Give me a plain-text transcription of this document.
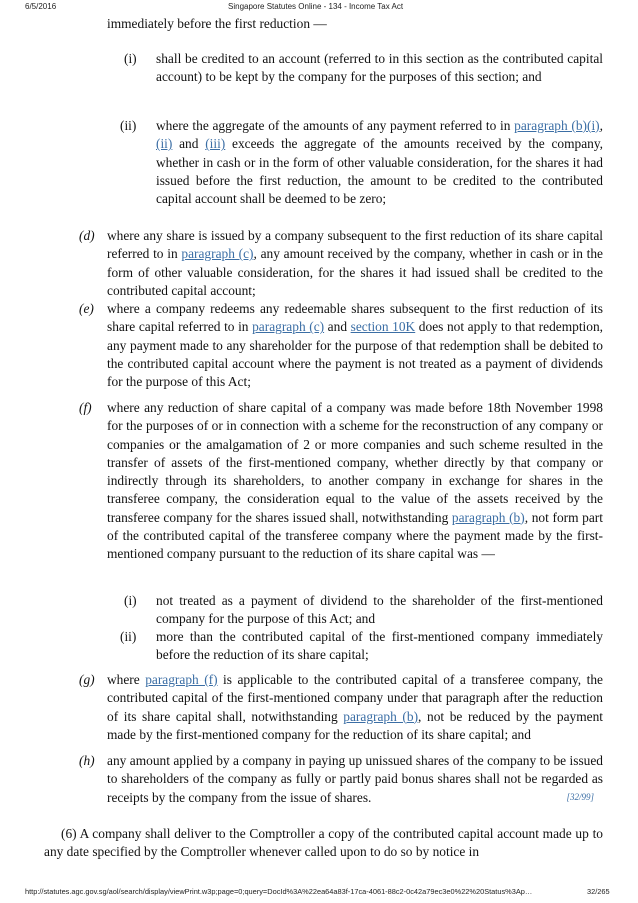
6/5/2016	Singapore Statutes Online - 134 - Income Tax Act
immediately before the first reduction —
(i) shall be credited to an account (referred to in this section as the contributed capital account) to be kept by the company for the purposes of this section; and
(ii) where the aggregate of the amounts of any payment referred to in paragraph (b)(i), (ii) and (iii) exceeds the aggregate of the amounts received by the company, whether in cash or in the form of other valuable consideration, for the shares it had issued before the first reduction, the amount to be credited to the contributed capital account shall be deemed to be zero;
(d) where any share is issued by a company subsequent to the first reduction of its share capital referred to in paragraph (c), any amount received by the company, whether in cash or in the form of other valuable consideration, for the shares it had issued shall be credited to the contributed capital account;
(e) where a company redeems any redeemable shares subsequent to the first reduction of its share capital referred to in paragraph (c) and section 10K does not apply to that redemption, any payment made to any shareholder for the purpose of that redemption shall be debited to the contributed capital account where the payment is not treated as a payment of dividends for the purpose of this Act;
(f) where any reduction of share capital of a company was made before 18th November 1998 for the purposes of or in connection with a scheme for the reconstruction of any company or companies or the amalgamation of 2 or more companies and such scheme resulted in the transfer of assets of the first-mentioned company, whether directly by that company or indirectly through its shareholders, to another company in exchange for shares in the transferee company, the consideration equal to the value of the assets received by the transferee company for the shares issued shall, notwithstanding paragraph (b), not form part of the contributed capital of the transferee company where the payment made by the first-mentioned company pursuant to the reduction of its share capital was —
(i) not treated as a payment of dividend to the shareholder of the first-mentioned company for the purpose of this Act; and
(ii) more than the contributed capital of the first-mentioned company immediately before the reduction of its share capital;
(g) where paragraph (f) is applicable to the contributed capital of a transferee company, the contributed capital of the first-mentioned company under that paragraph after the reduction of its share capital shall, notwithstanding paragraph (b), not be reduced by the payment made by the first-mentioned company for the reduction of its share capital; and
(h) any amount applied by a company in paying up unissued shares of the company to be issued to shareholders of the company as fully or partly paid bonus shares shall not be regarded as receipts by the company from the issue of shares.	[32/99]
(6) A company shall deliver to the Comptroller a copy of the contributed capital account made up to any date specified by the Comptroller whenever called upon to do so by notice in
http://statutes.agc.gov.sg/aol/search/display/viewPrint.w3p;page=0;query=DocId%3A%22ea64a83f-17ca-4061-88c2-0c42a79ec3e0%22%20Status%3Ap…	32/265
